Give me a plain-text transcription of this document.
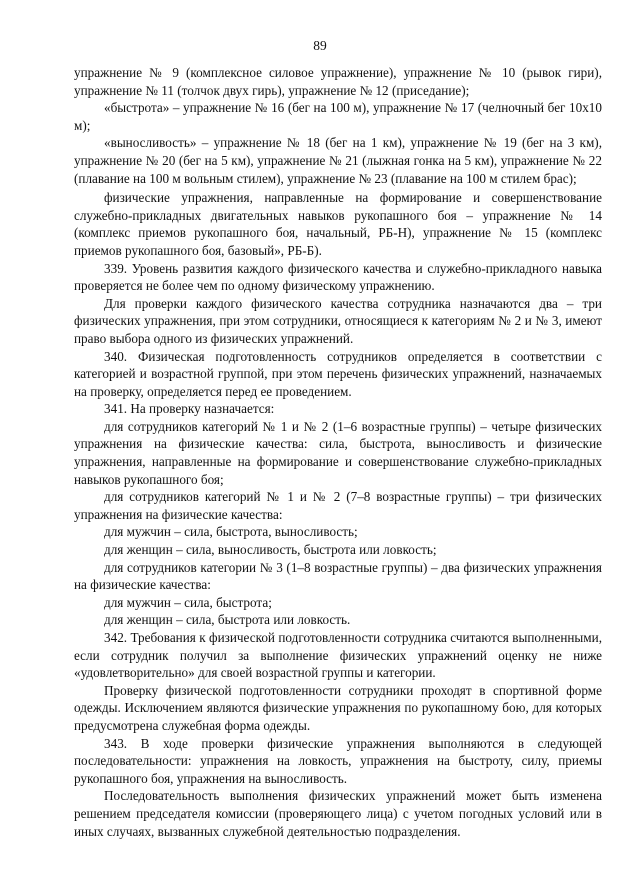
89

упражнение № 9 (комплексное силовое упражнение), упражнение № 10 (рывок гири), упражнение № 11 (толчок двух гирь), упражнение № 12 (приседание);

«быстрота» – упражнение № 16 (бег на 100 м), упражнение № 17 (челночный бег 10х10 м);

«выносливость» – упражнение № 18 (бег на 1 км), упражнение № 19 (бег на 3 км), упражнение № 20 (бег на 5 км), упражнение № 21 (лыжная гонка на 5 км), упражнение № 22 (плавание на 100 м вольным стилем), упражнение № 23 (плавание на 100 м стилем брас);

физические упражнения, направленные на формирование и совершенствование служебно-прикладных двигательных навыков рукопашного боя – упражнение № 14 (комплекс приемов рукопашного боя, начальный, РБ-Н), упражнение № 15 (комплекс приемов рукопашного боя, базовый», РБ-Б).

339. Уровень развития каждого физического качества и служебно-прикладного навыка проверяется не более чем по одному физическому упражнению.

Для проверки каждого физического качества сотрудника назначаются два – три физических упражнения, при этом сотрудники, относящиеся к категориям № 2 и № 3, имеют право выбора одного из физических упражнений.

340. Физическая подготовленность сотрудников определяется в соответствии с категорией и возрастной группой, при этом перечень физических упражнений, назначаемых на проверку, определяется перед ее проведением.

341. На проверку назначается:

для сотрудников категорий № 1 и № 2 (1–6 возрастные группы) – четыре физических упражнения на физические качества: сила, быстрота, выносливость и физические упражнения, направленные на формирование и совершенствование служебно-прикладных навыков рукопашного боя;

для сотрудников категорий № 1 и № 2 (7–8 возрастные группы) – три физических упражнения на физические качества:

для мужчин – сила, быстрота, выносливость;

для женщин – сила, выносливость, быстрота или ловкость;

для сотрудников категории № 3 (1–8 возрастные группы) – два физических упражнения на физические качества:

для мужчин – сила, быстрота;

для женщин – сила, быстрота или ловкость.

342. Требования к физической подготовленности сотрудника считаются выполненными, если сотрудник получил за выполнение физических упражнений оценку не ниже «удовлетворительно» для своей возрастной группы и категории.

Проверку физической подготовленности сотрудники проходят в спортивной форме одежды. Исключением являются физические упражнения по рукопашному бою, для которых предусмотрена служебная форма одежды.

343. В ходе проверки физические упражнения выполняются в следующей последовательности: упражнения на ловкость, упражнения на быстроту, силу, приемы рукопашного боя, упражнения на выносливость.

Последовательность выполнения физических упражнений может быть изменена решением председателя комиссии (проверяющего лица) с учетом погодных условий или в иных случаях, вызванных служебной деятельностью подразделения.
